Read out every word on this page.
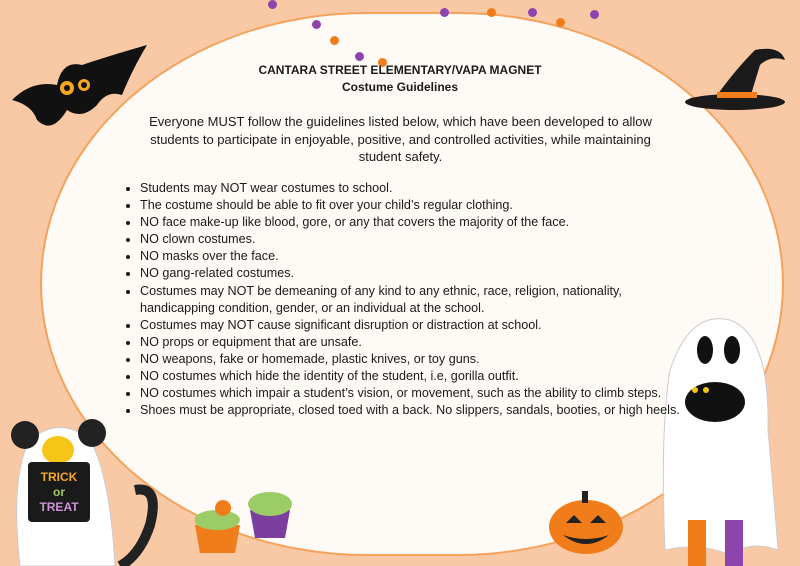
TRICK
or
TREAT
CANTARA STREET ELEMENTARY/VAPA MAGNET
Costume Guidelines
Everyone MUST follow the guidelines listed below, which have been developed to allow students to participate in enjoyable, positive, and controlled activities, while maintaining student safety.
• Students may NOT wear costumes to school.
• The costume should be able to fit over your child’s regular clothing.
• NO face make-up like blood, gore, or any that covers the majority of the face.
• NO clown costumes.
• NO masks over the face.
• NO gang-related costumes.
• Costumes may NOT be demeaning of any kind to any ethnic, race, religion, nationality, handicapping condition, gender, or an individual at the school.
• Costumes may NOT cause significant disruption or distraction at school.
• NO props or equipment that are unsafe.
• NO weapons, fake or homemade, plastic knives, or toy guns.
• NO costumes which hide the identity of the student, i.e, gorilla outfit.
• NO costumes which impair a student’s vision, or movement, such as the ability to climb steps.
• Shoes must be appropriate, closed toed with a back. No slippers, sandals, booties, or high heels.
